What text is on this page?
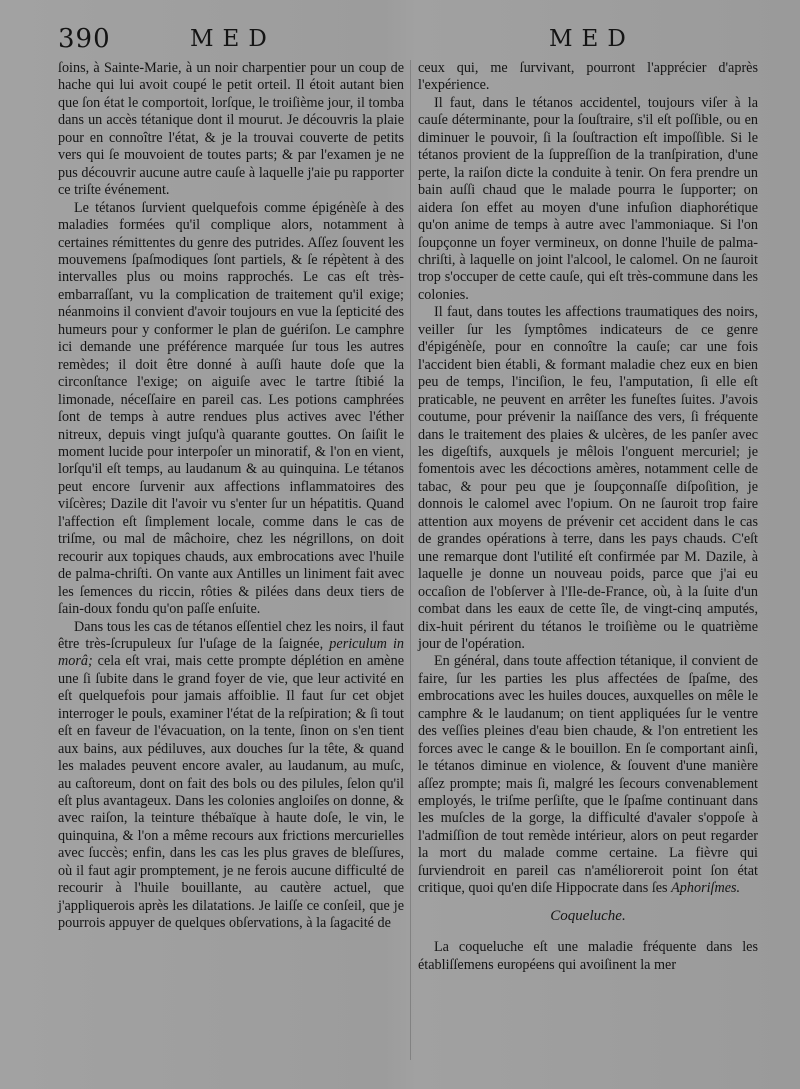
390	MED	MED

ſoins, à Sainte-Marie, à un noir charpentier pour un coup de hache qui lui avoit coupé le petit orteil. Il étoit autant bien que ſon état le comportoit, lorſque, le troiſième jour, il tomba dans un accès tétanique dont il mourut. Je découvris la plaie pour en connoître l'état, & je la trouvai couverte de petits vers qui ſe mouvoient de toutes parts; & par l'examen je ne pus découvrir aucune autre cauſe à laquelle j'aie pu rapporter ce triſte événement.

Le tétanos ſurvient quelquefois comme épigénèſe à des maladies formées qu'il complique alors, notamment à certaines rémittentes du genre des putrides. Aſſez ſouvent les mouvemens ſpaſmodiques ſont partiels, & ſe répètent à des intervalles plus ou moins rapprochés. Le cas eſt très-embarraſſant, vu la complication de traitement qu'il exige; néanmoins il convient d'avoir toujours en vue la ſepticité des humeurs pour y conformer le plan de guériſon. Le camphre ici demande une préférence marquée ſur tous les autres remèdes; il doit être donné à auſſi haute doſe que la circonſtance l'exige; on aiguiſe avec le tartre ſtibié la limonade, néceſſaire en pareil cas. Les potions camphrées ſont de temps à autre rendues plus actives avec l'éther nitreux, depuis vingt juſqu'à quarante gouttes. On ſaiſit le moment lucide pour interpoſer un minoratif, & l'on en vient, lorſqu'il eſt temps, au laudanum & au quinquina. Le tétanos peut encore ſurvenir aux affections inflammatoires des viſcères; Dazile dit l'avoir vu s'enter ſur un hépatitis. Quand l'affection eſt ſimplement locale, comme dans le cas de triſme, ou mal de mâchoire, chez les négrillons, on doit recourir aux topiques chauds, aux embrocations avec l'huile de palma-chriſti. On vante aux Antilles un liniment fait avec les ſemences du riccin, rôties & pilées dans deux tiers de ſain-doux fondu qu'on paſſe enſuite.

Dans tous les cas de tétanos eſſentiel chez les noirs, il faut être très-ſcrupuleux ſur l'uſage de la ſaignée, periculum in morâ; cela eſt vrai, mais cette prompte déplétion en amène une ſi ſubite dans le grand foyer de vie, que leur activité en eſt quelquefois pour jamais affoiblie. Il faut ſur cet objet interroger le pouls, examiner l'état de la reſpiration; & ſi tout eſt en faveur de l'évacuation, on la tente, ſinon on s'en tient aux bains, aux pédiluves, aux douches ſur la tête, & quand les malades peuvent encore avaler, au laudanum, au muſc, au caſtoreum, dont on fait des bols ou des pilules, ſelon qu'il eſt plus avantageux. Dans les colonies angloiſes on donne, & avec raiſon, la teinture thébaïque à haute doſe, le vin, le quinquina, & l'on a même recours aux frictions mercurielles avec ſuccès; enfin, dans les cas les plus graves de bleſſures, où il faut agir promptement, je ne ferois aucune difficulté de recourir à l'huile bouillante, au cautère actuel, que j'appliquerois après les dilatations. Je laiſſe ce conſeil, que je pourrois appuyer de quelques obſervations, à la ſagacité de

ceux qui, me ſurvivant, pourront l'apprécier d'après l'expérience.

Il faut, dans le tétanos accidentel, toujours viſer à la cauſe déterminante, pour la ſouſtraire, s'il eſt poſſible, ou en diminuer le pouvoir, ſi la ſouſtraction eſt impoſſible. Si le tétanos provient de la ſuppreſſion de la tranſpiration, d'une perte, la raiſon dicte la conduite à tenir. On fera prendre un bain auſſi chaud que le malade pourra le ſupporter; on aidera ſon effet au moyen d'une infuſion diaphorétique qu'on anime de temps à autre avec l'ammoniaque. Si l'on ſoupçonne un foyer vermineux, on donne l'huile de palma-chriſti, à laquelle on joint l'alcool, le calomel. On ne ſauroit trop s'occuper de cette cauſe, qui eſt très-commune dans les colonies.

Il faut, dans toutes les affections traumatiques des noirs, veiller ſur les ſymptômes indicateurs de ce genre d'épigénèſe, pour en connoître la cauſe; car une fois l'accident bien établi, & formant maladie chez eux en bien peu de temps, l'inciſion, le feu, l'amputation, ſi elle eſt praticable, ne peuvent en arrêter les funeſtes ſuites. J'avois coutume, pour prévenir la naiſſance des vers, ſi fréquente dans le traitement des plaies & ulcères, de les panſer avec les digeſtifs, auxquels je mêlois l'onguent mercuriel; je fomentois avec les décoctions amères, notamment celle de tabac, & pour peu que je ſoupçonnaſſe diſpoſition, je donnois le calomel avec l'opium. On ne ſauroit trop faire attention aux moyens de prévenir cet accident dans le cas de grandes opérations à terre, dans les pays chauds. C'eſt une remarque dont l'utilité eſt confirmée par M. Dazile, à laquelle je donne un nouveau poids, parce que j'ai eu occaſion de l'obſerver à l'Ile-de-France, où, à la ſuite d'un combat dans les eaux de cette île, de vingt-cinq amputés, dix-huit périrent du tétanos le troiſième ou le quatrième jour de l'opération.

En général, dans toute affection tétanique, il convient de faire, ſur les parties les plus affectées de ſpaſme, des embrocations avec les huiles douces, auxquelles on mêle le camphre & le laudanum; on tient appliquées ſur le ventre des veſſies pleines d'eau bien chaude, & l'on entretient les forces avec le cange & le bouillon. En ſe comportant ainſi, le tétanos diminue en violence, & ſouvent d'une manière aſſez prompte; mais ſi, malgré les ſecours convenablement employés, le triſme perſiſte, que le ſpaſme continuant dans les muſcles de la gorge, la difficulté d'avaler s'oppoſe à l'admiſſion de tout remède intérieur, alors on peut regarder la mort du malade comme certaine. La fièvre qui ſurviendroit en pareil cas n'amélioreroit point ſon état critique, quoi qu'en diſe Hippocrate dans ſes Aphoriſmes.

Coqueluche.

La coqueluche eſt une maladie fréquente dans les établiſſemens européens qui avoiſinent la mer
